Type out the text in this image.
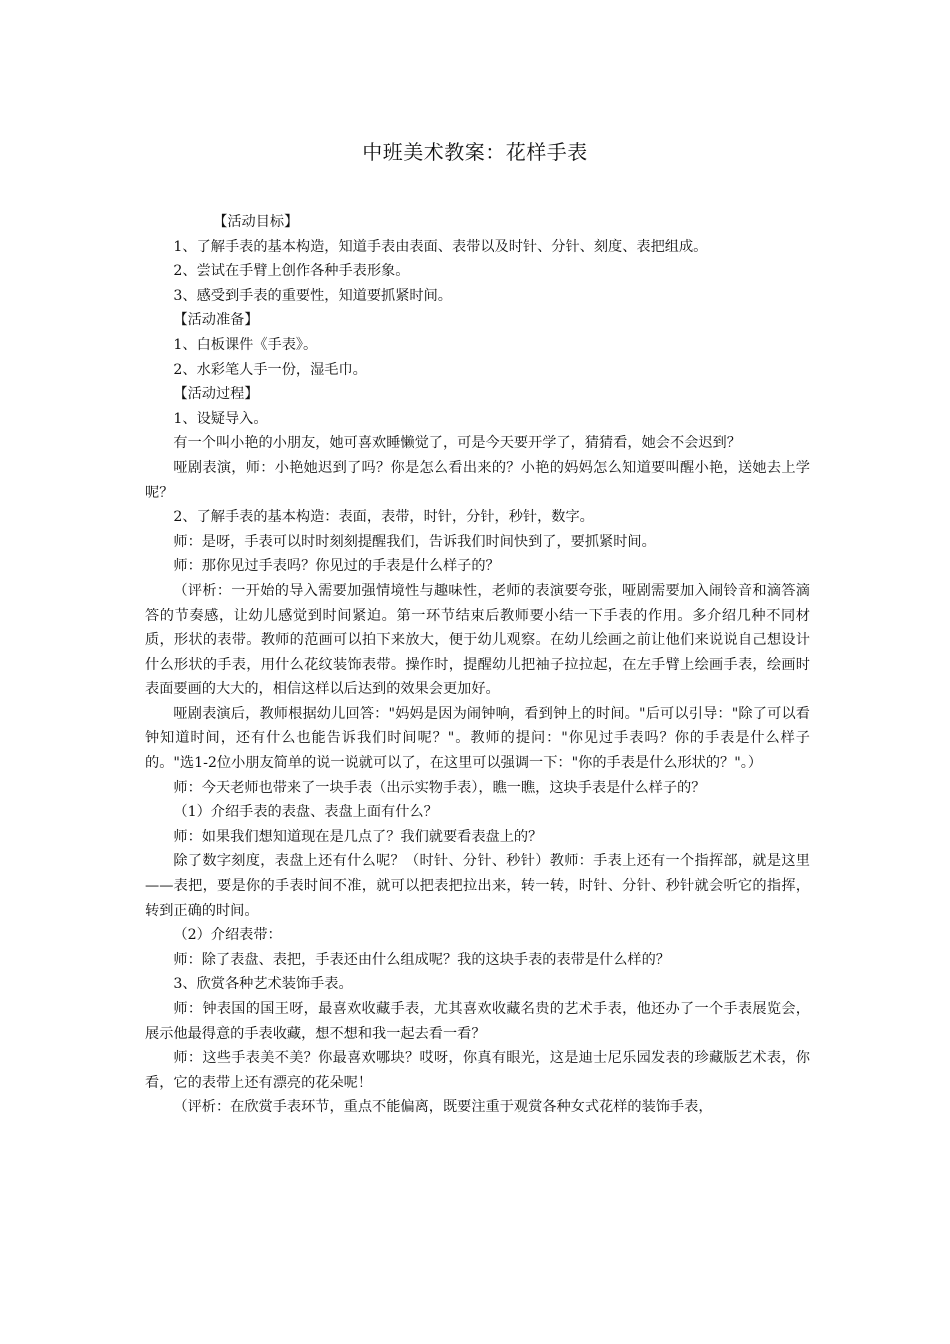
中班美术教案：花样手表

【活动目标】

1、了解手表的基本构造，知道手表由表面、表带以及时针、分针、刻度、表把组成。

2、尝试在手臂上创作各种手表形象。

3、感受到手表的重要性，知道要抓紧时间。

【活动准备】

1、白板课件《手表》。

2、水彩笔人手一份，湿毛巾。

【活动过程】

1、设疑导入。

有一个叫小艳的小朋友，她可喜欢睡懒觉了，可是今天要开学了，猜猜看，她会不会迟到？

哑剧表演，师：小艳她迟到了吗？你是怎么看出来的？小艳的妈妈怎么知道要叫醒小艳，送她去上学呢？

2、了解手表的基本构造：表面，表带，时针，分针，秒针，数字。

师：是呀，手表可以时时刻刻提醒我们，告诉我们时间快到了，要抓紧时间。

师：那你见过手表吗？你见过的手表是什么样子的？

（评析：一开始的导入需要加强情境性与趣味性，老师的表演要夸张，哑剧需要加入闹铃音和滴答滴答的节奏感，让幼儿感觉到时间紧迫。第一环节结束后教师要小结一下手表的作用。多介绍几种不同材质，形状的表带。教师的范画可以拍下来放大，便于幼儿观察。在幼儿绘画之前让他们来说说自己想设计什么形状的手表，用什么花纹装饰表带。操作时，提醒幼儿把袖子拉拉起，在左手臂上绘画手表，绘画时表面要画的大大的，相信这样以后达到的效果会更加好。

哑剧表演后，教师根据幼儿回答："妈妈是因为闹钟响，看到钟上的时间。"后可以引导："除了可以看钟知道时间，还有什么也能告诉我们时间呢？"。教师的提问："你见过手表吗？你的手表是什么样子的。"选1-2位小朋友简单的说一说就可以了，在这里可以强调一下："你的手表是什么形状的？"。）

师：今天老师也带来了一块手表（出示实物手表），瞧一瞧，这块手表是什么样子的？

（1）介绍手表的表盘、表盘上面有什么？

师：如果我们想知道现在是几点了？我们就要看表盘上的？

除了数字刻度，表盘上还有什么呢？（时针、分针、秒针）教师：手表上还有一个指挥部，就是这里——表把，要是你的手表时间不准，就可以把表把拉出来，转一转，时针、分针、秒针就会听它的指挥，转到正确的时间。

（2）介绍表带：

师：除了表盘、表把，手表还由什么组成呢？我的这块手表的表带是什么样的？

3、欣赏各种艺术装饰手表。

师：钟表国的国王呀，最喜欢收藏手表，尤其喜欢收藏名贵的艺术手表，他还办了一个手表展览会，展示他最得意的手表收藏，想不想和我一起去看一看？

师：这些手表美不美？你最喜欢哪块？哎呀，你真有眼光，这是迪士尼乐园发表的珍藏版艺术表，你看，它的表带上还有漂亮的花朵呢！

（评析：在欣赏手表环节，重点不能偏离，既要注重于观赏各种女式花样的装饰手表，
